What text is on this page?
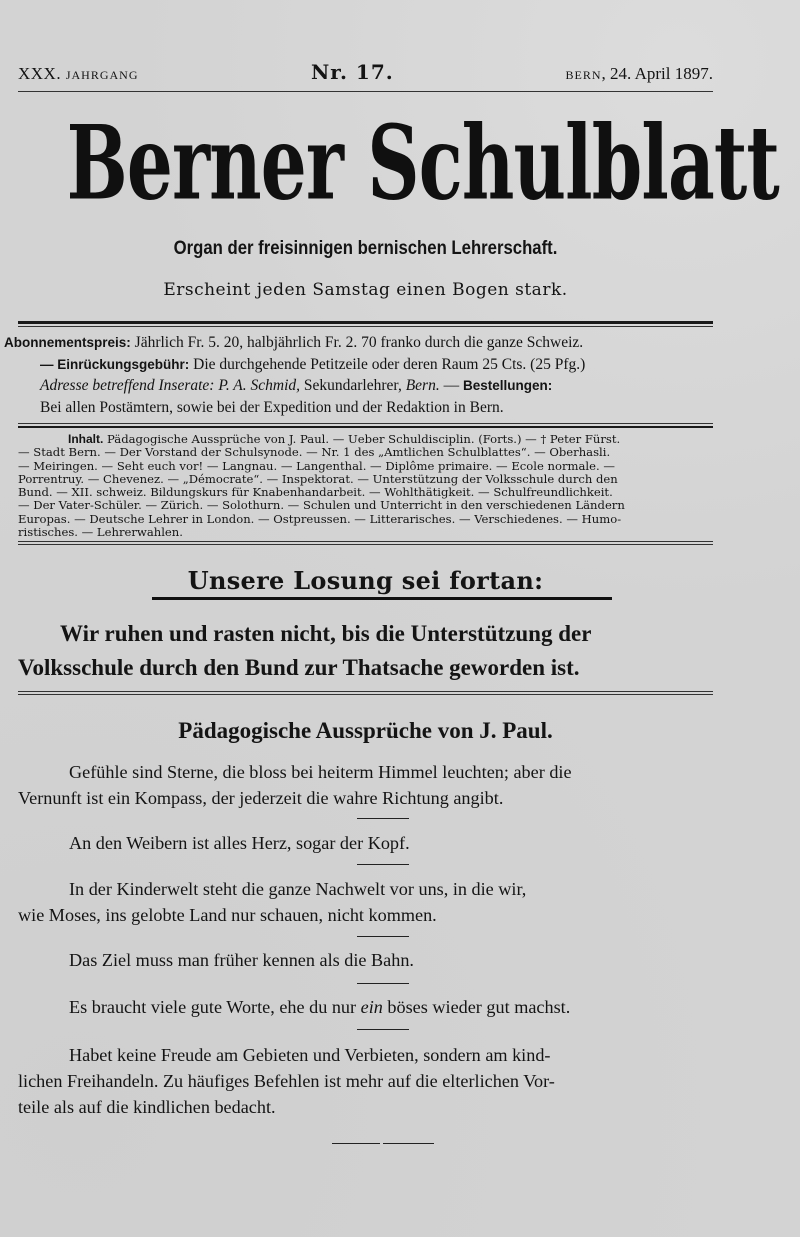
XXX. JAHRGANG	Nr. 17.	BERN, 24. April 1897.
Berner Schulblatt
Organ der freisinnigen bernischen Lehrerschaft.
Erscheint jeden Samstag einen Bogen stark.
Abonnementspreis: Jährlich Fr. 5. 20, halbjährlich Fr. 2. 70 franko durch die ganze Schweiz.
— Einrückungsgebühr: Die durchgehende Petitzeile oder deren Raum 25 Cts. (25 Pfg.)
Adresse betreffend Inserate: P. A. Schmid, Sekundarlehrer, Bern. — Bestellungen:
Bei allen Postämtern, sowie bei der Expedition und der Redaktion in Bern.
Inhalt. Pädagogische Aussprüche von J. Paul. — Ueber Schuldisciplin. (Forts.) — † Peter Fürst.
— Stadt Bern. — Der Vorstand der Schulsynode. — Nr. 1 des „Amtlichen Schulblattes“. — Oberhasli.
— Meiringen. — Seht euch vor! — Langnau. — Langenthal. — Diplôme primaire. — Ecole normale. —
Porrentruy. — Chevenez. — „Démocrate“. — Inspektorat. — Unterstützung der Volksschule durch den
Bund. — XII. schweiz. Bildungskurs für Knabenhandarbeit. — Wohlthätigkeit. — Schulfreundlichkeit.
— Der Vater-Schüler. — Zürich. — Solothurn. — Schulen und Unterricht in den verschiedenen Ländern
Europas. — Deutsche Lehrer in London. — Ostpreussen. — Litterarisches. — Verschiedenes. — Humo-
ristisches. — Lehrerwahlen.
Unsere Losung sei fortan:
Wir ruhen und rasten nicht, bis die Unterstützung der
Volksschule durch den Bund zur Thatsache geworden ist.
Pädagogische Aussprüche von J. Paul.
Gefühle sind Sterne, die bloss bei heiterm Himmel leuchten; aber die
Vernunft ist ein Kompass, der jederzeit die wahre Richtung angibt.
An den Weibern ist alles Herz, sogar der Kopf.
In der Kinderwelt steht die ganze Nachwelt vor uns, in die wir,
wie Moses, ins gelobte Land nur schauen, nicht kommen.
Das Ziel muss man früher kennen als die Bahn.
Es braucht viele gute Worte, ehe du nur ein böses wieder gut machst.
Habet keine Freude am Gebieten und Verbieten, sondern am kind-
lichen Freihandeln. Zu häufiges Befehlen ist mehr auf die elterlichen Vor-
teile als auf die kindlichen bedacht.
